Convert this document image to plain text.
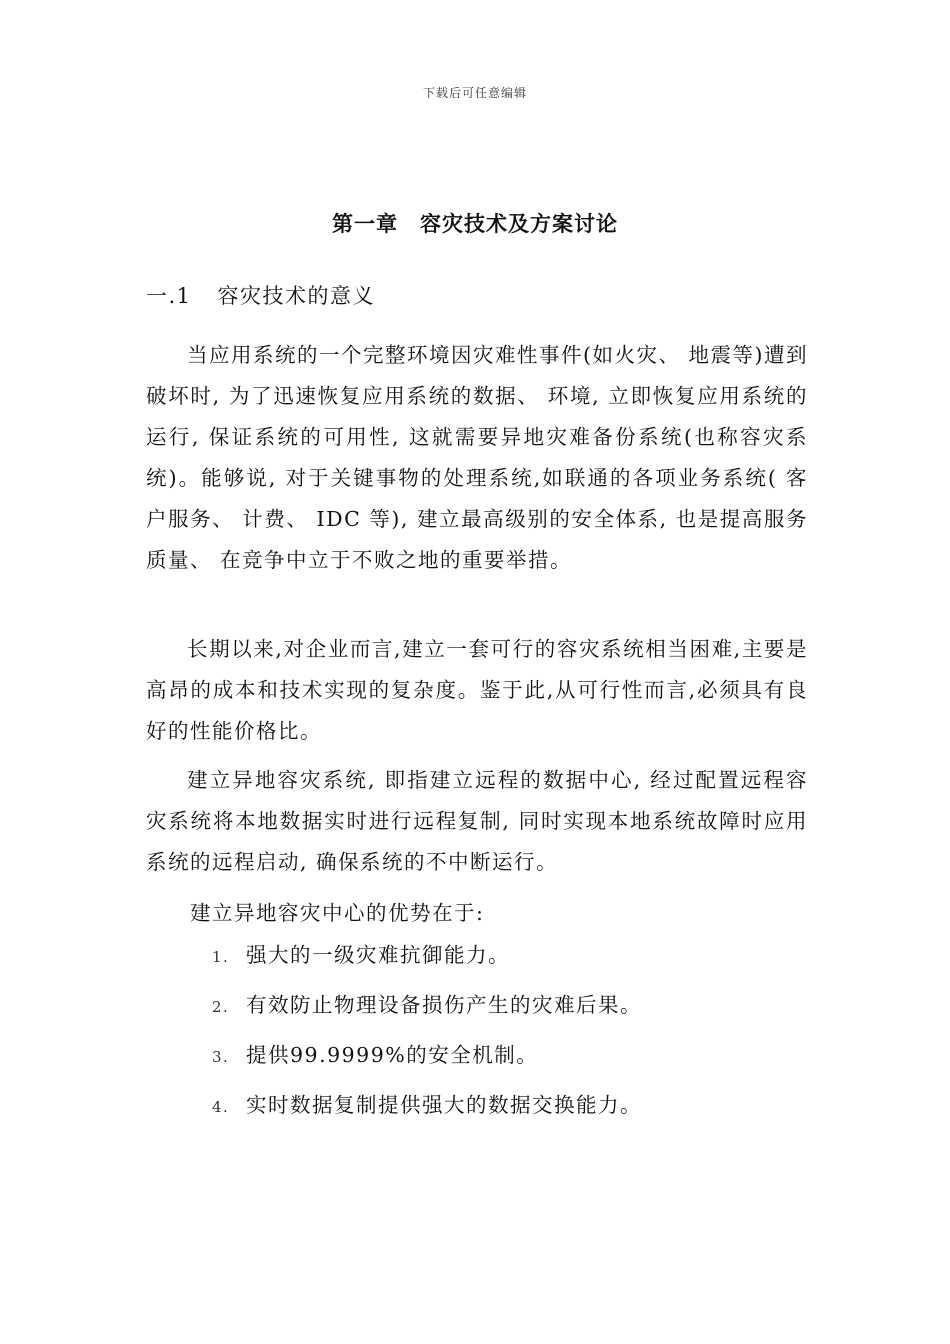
下载后可任意编辑
第一章　容灾技术及方案讨论
一.1 容灾技术的意义

当应用系统的一个完整环境因灾难性事件(如火灾、 地震等)遭到破坏时, 为了迅速恢复应用系统的数据、 环境, 立即恢复应用系统的运行, 保证系统的可用性, 这就需要异地灾难备份系统(也称容灾系统)。能够说, 对于关键事物的处理系统,如联通的各项业务系统( 客户服务、 计费、 IDC 等), 建立最高级别的安全体系, 也是提高服务质量、 在竞争中立于不败之地的重要举措。

长期以来,对企业而言,建立一套可行的容灾系统相当困难,主要是高昂的成本和技术实现的复杂度。鉴于此,从可行性而言,必须具有良好的性能价格比。

建立异地容灾系统, 即指建立远程的数据中心, 经过配置远程容灾系统将本地数据实时进行远程复制, 同时实现本地系统故障时应用系统的远程启动, 确保系统的不中断运行。

建立异地容灾中心的优势在于:
1. 强大的一级灾难抗御能力。
2. 有效防止物理设备损伤产生的灾难后果。
3. 提供99.9999%的安全机制。
4. 实时数据复制提供强大的数据交换能力。
